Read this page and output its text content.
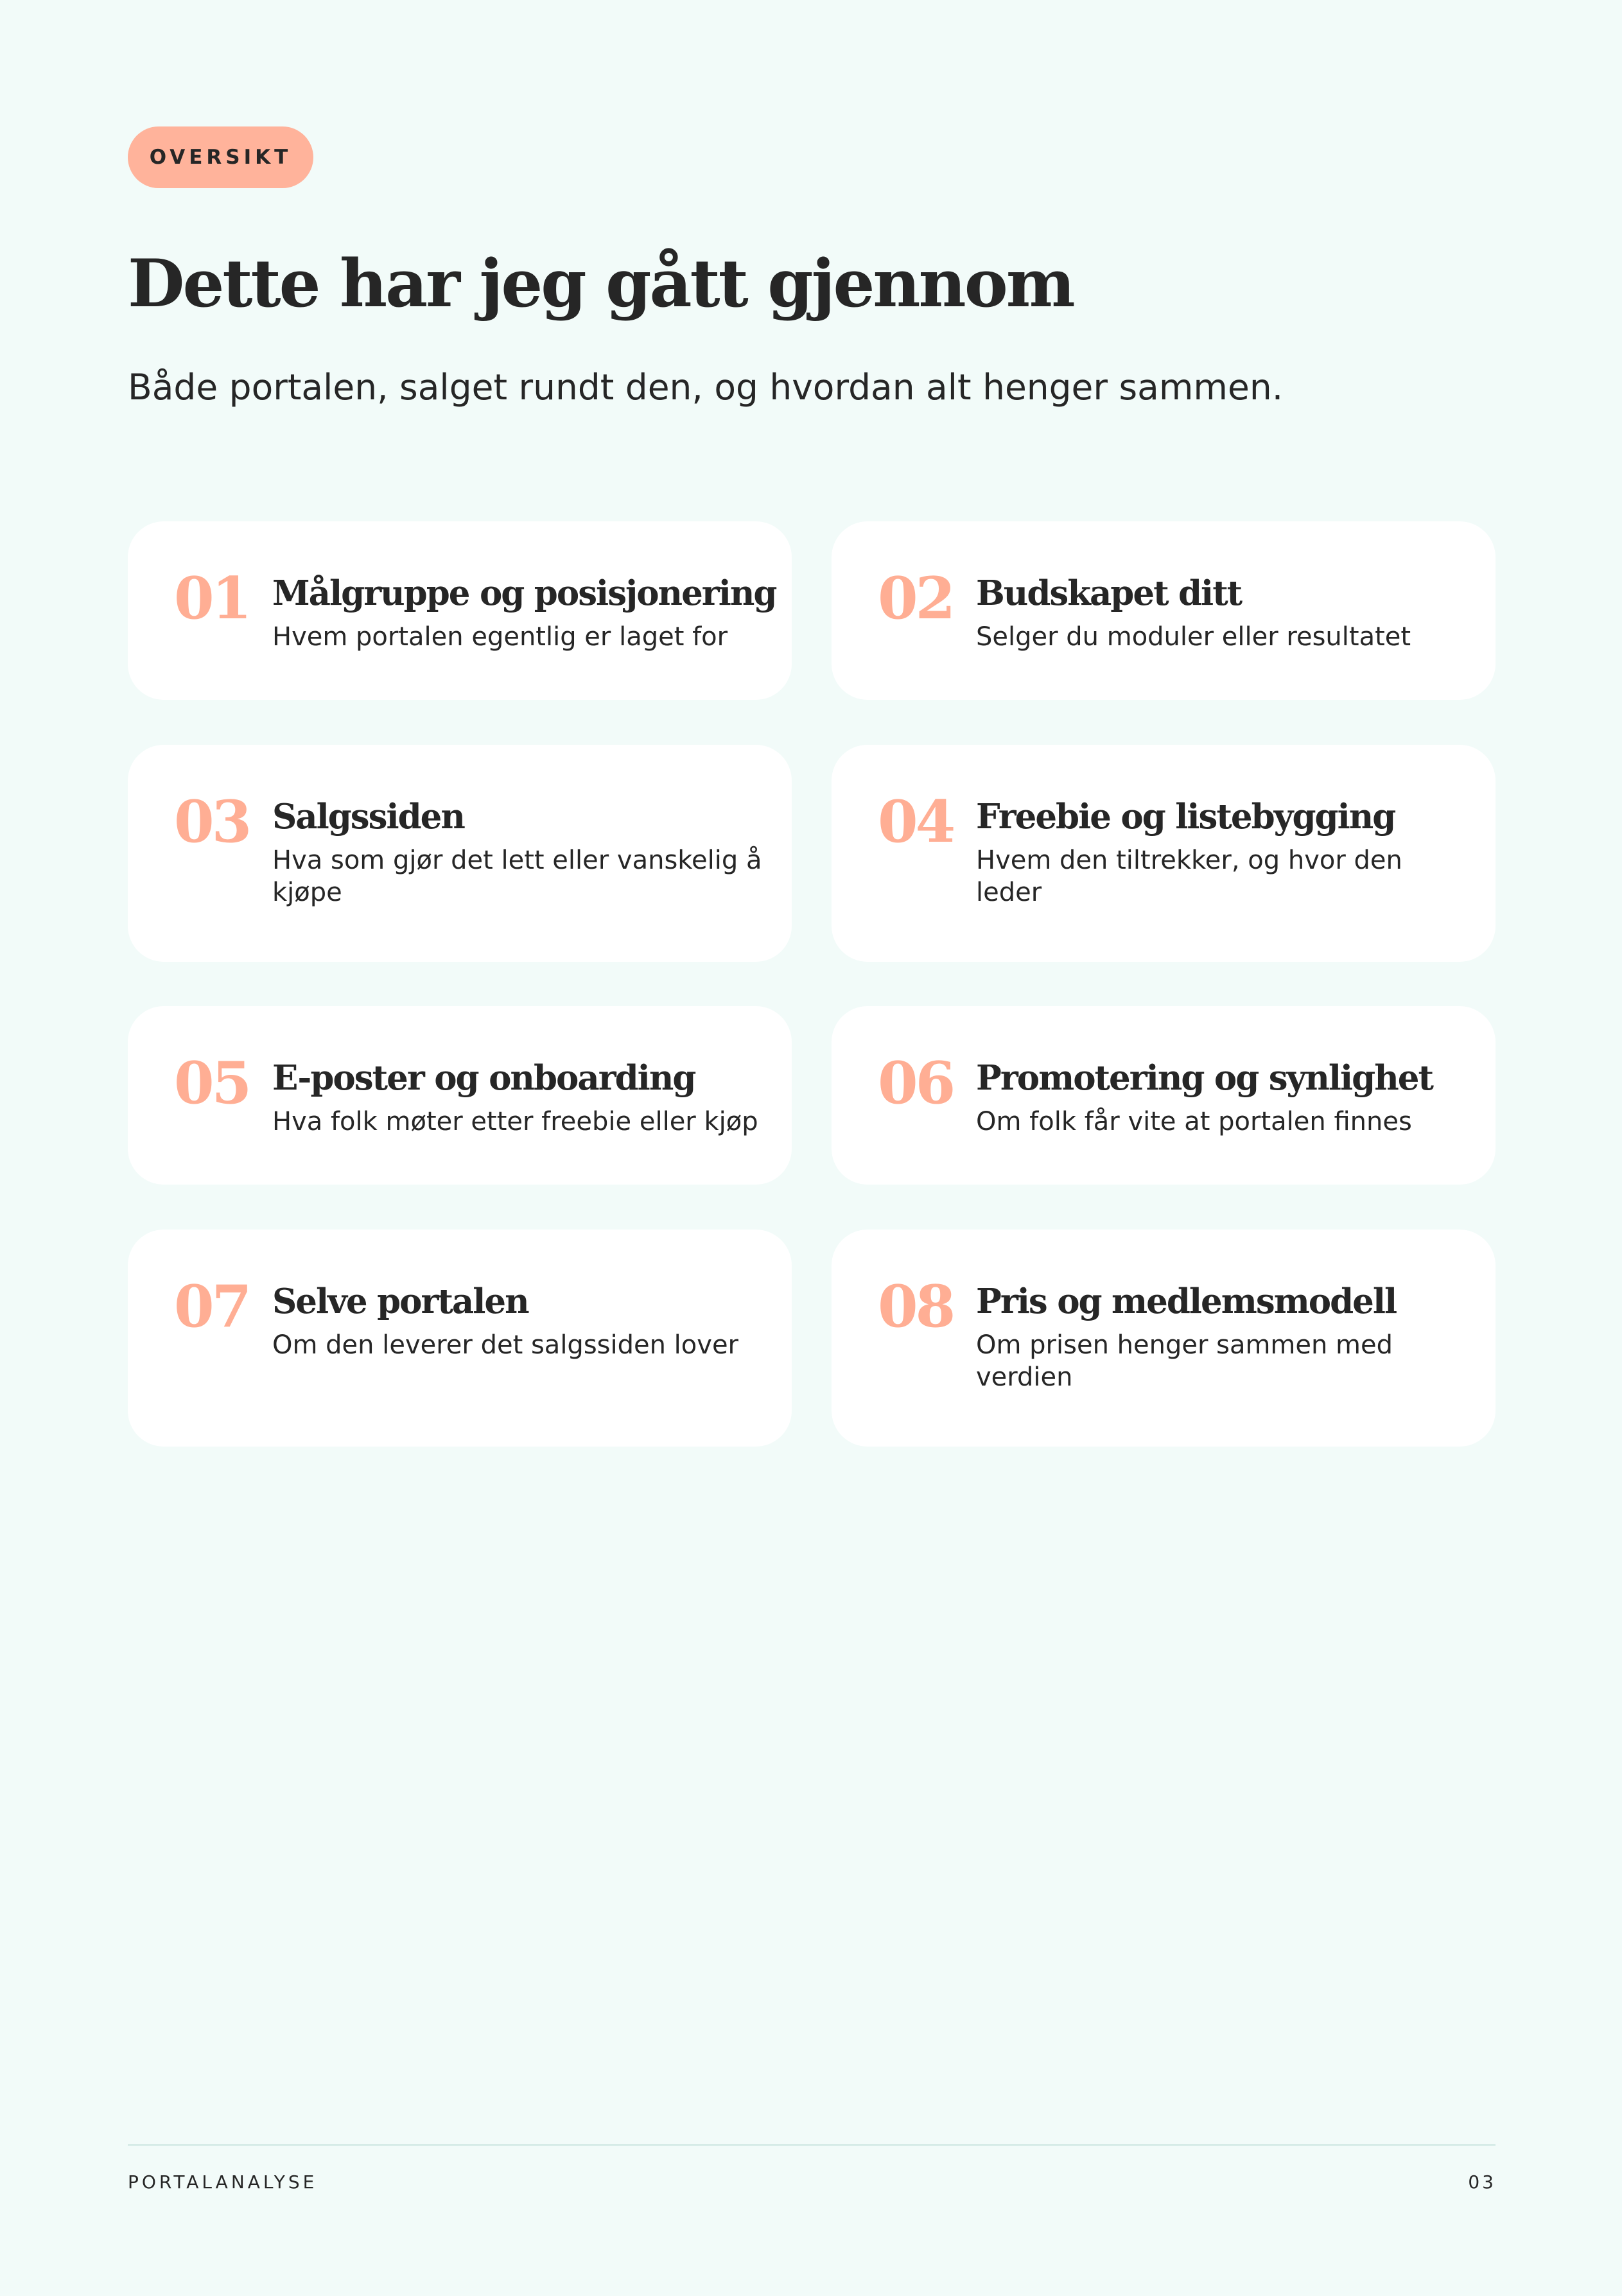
OVERSIKT
Dette har jeg gått gjennom

Både portalen, salget rundt den, og hvordan alt henger sammen.

01 Målgruppe og posisjonering
Hvem portalen egentlig er laget for
02 Budskapet ditt
Selger du moduler eller resultatet
03 Salgssiden
Hva som gjør det lett eller vanskelig å kjøpe
04 Freebie og listebygging
Hvem den tiltrekker, og hvor den leder
05 E-poster og onboarding
Hva folk møter etter freebie eller kjøp
06 Promotering og synlighet
Om folk får vite at portalen finnes
07 Selve portalen
Om den leverer det salgssiden lover
08 Pris og medlemsmodell
Om prisen henger sammen med verdien
PORTALANALYSE	03
